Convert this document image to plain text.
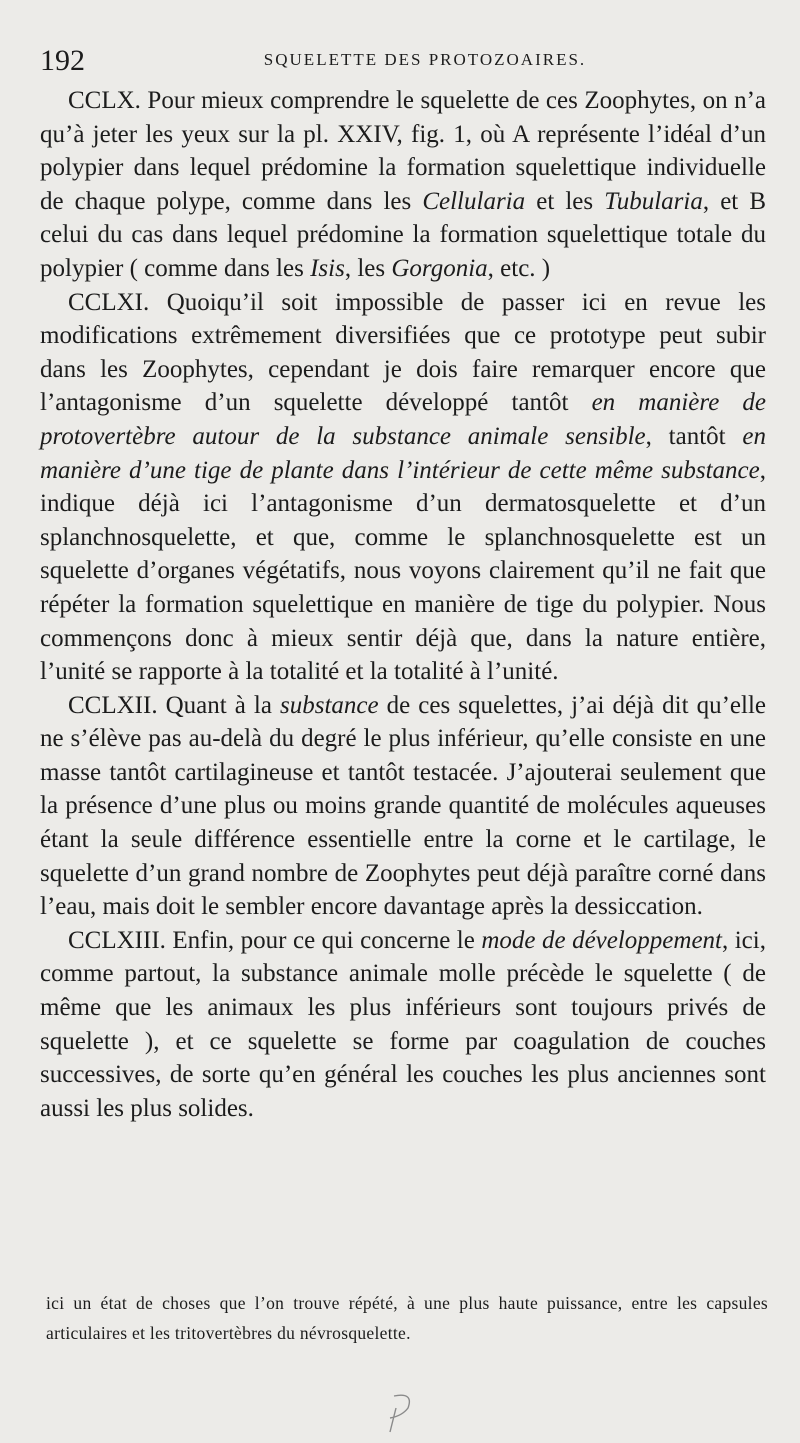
192	SQUELETTE DES PROTOZOAIRES.

CCLX. Pour mieux comprendre le squelette de ces Zoophytes, on n’a qu’à jeter les yeux sur la pl. XXIV, fig. 1, où A représente l’idéal d’un polypier dans lequel prédomine la formation squelettique individuelle de chaque polype, comme dans les Cellularia et les Tubularia, et B celui du cas dans lequel prédomine la formation squelettique totale du polypier ( comme dans les Isis, les Gorgonia, etc. )

CCLXI. Quoiqu’il soit impossible de passer ici en revue les modifications extrêmement diversifiées que ce prototype peut subir dans les Zoophytes, cependant je dois faire remarquer encore que l’antagonisme d’un squelette développé tantôt en manière de protovertèbre autour de la substance animale sensible, tantôt en manière d’une tige de plante dans l’intérieur de cette même substance, indique déjà ici l’antagonisme d’un dermatosquelette et d’un splanchnosquelette, et que, comme le splanchnosquelette est un squelette d’organes végétatifs, nous voyons clairement qu’il ne fait que répéter la formation squelettique en manière de tige du polypier. Nous commençons donc à mieux sentir déjà que, dans la nature entière, l’unité se rapporte à la totalité et la totalité à l’unité.

CCLXII. Quant à la substance de ces squelettes, j’ai déjà dit qu’elle ne s’élève pas au-delà du degré le plus inférieur, qu’elle consiste en une masse tantôt cartilagineuse et tantôt testacée. J’ajouterai seulement que la présence d’une plus ou moins grande quantité de molécules aqueuses étant la seule différence essentielle entre la corne et le cartilage, le squelette d’un grand nombre de Zoophytes peut déjà paraître corné dans l’eau, mais doit le sembler encore davantage après la dessiccation.

CCLXIII. Enfin, pour ce qui concerne le mode de développement, ici, comme partout, la substance animale molle précède le squelette ( de même que les animaux les plus inférieurs sont toujours privés de squelette ), et ce squelette se forme par coagulation de couches successives, de sorte qu’en général les couches les plus anciennes sont aussi les plus solides.

ici un état de choses que l’on trouve répété, à une plus haute puissance, entre les capsules articulaires et les tritovertèbres du névrosquelette.
